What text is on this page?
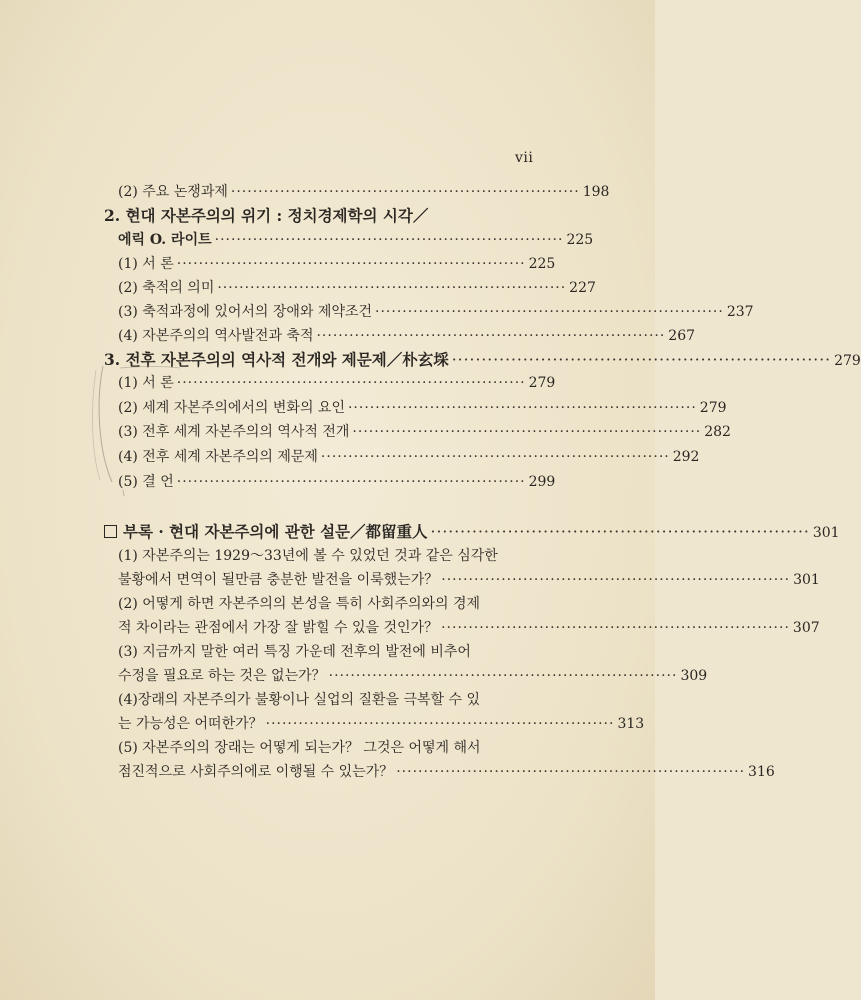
vii
(2) 주요 논쟁과제 ································································ 198
2. 현대 자본주의의 위기 : 정치경제학의 시각／
에릭 O. 라이트 ································································ 225
(1) 서 론 ································································ 225
(2) 축적의 의미 ································································ 227
(3) 축적과정에 있어서의 장애와 제약조건 ································································ 237
(4) 자본주의의 역사발전과 축적 ································································ 267
3. 전후 자본주의의 역사적 전개와 제문제／朴玄埰 ································································ 279
(1) 서 론 ································································ 279
(2) 세계 자본주의에서의 변화의 요인 ································································ 279
(3) 전후 세계 자본주의의 역사적 전개 ································································ 282
(4) 전후 세계 자본주의의 제문제 ································································ 292
(5) 결 언 ································································ 299
부록 · 현대 자본주의에 관한 설문／都留重人 ································································ 301
(1) 자본주의는 1929～33년에 볼 수 있었던 것과 같은 심각한
불황에서 면역이 될만큼 충분한 발전을 이룩했는가？ ································································ 301
(2) 어떻게 하면 자본주의의 본성을 특히 사회주의와의 경제
적 차이라는 관점에서 가장 잘 밝힐 수 있을 것인가？ ································································ 307
(3) 지금까지 말한 여러 특징 가운데 전후의 발전에 비추어
수정을 필요로 하는 것은 없는가？ ································································ 309
(4)장래의 자본주의가 불황이나 실업의 질환을 극복할 수 있
는 가능성은 어떠한가？ ································································ 313
(5) 자본주의의 장래는 어떻게 되는가？ 그것은 어떻게 해서
점진적으로 사회주의에로 이행될 수 있는가？ ································································ 316
